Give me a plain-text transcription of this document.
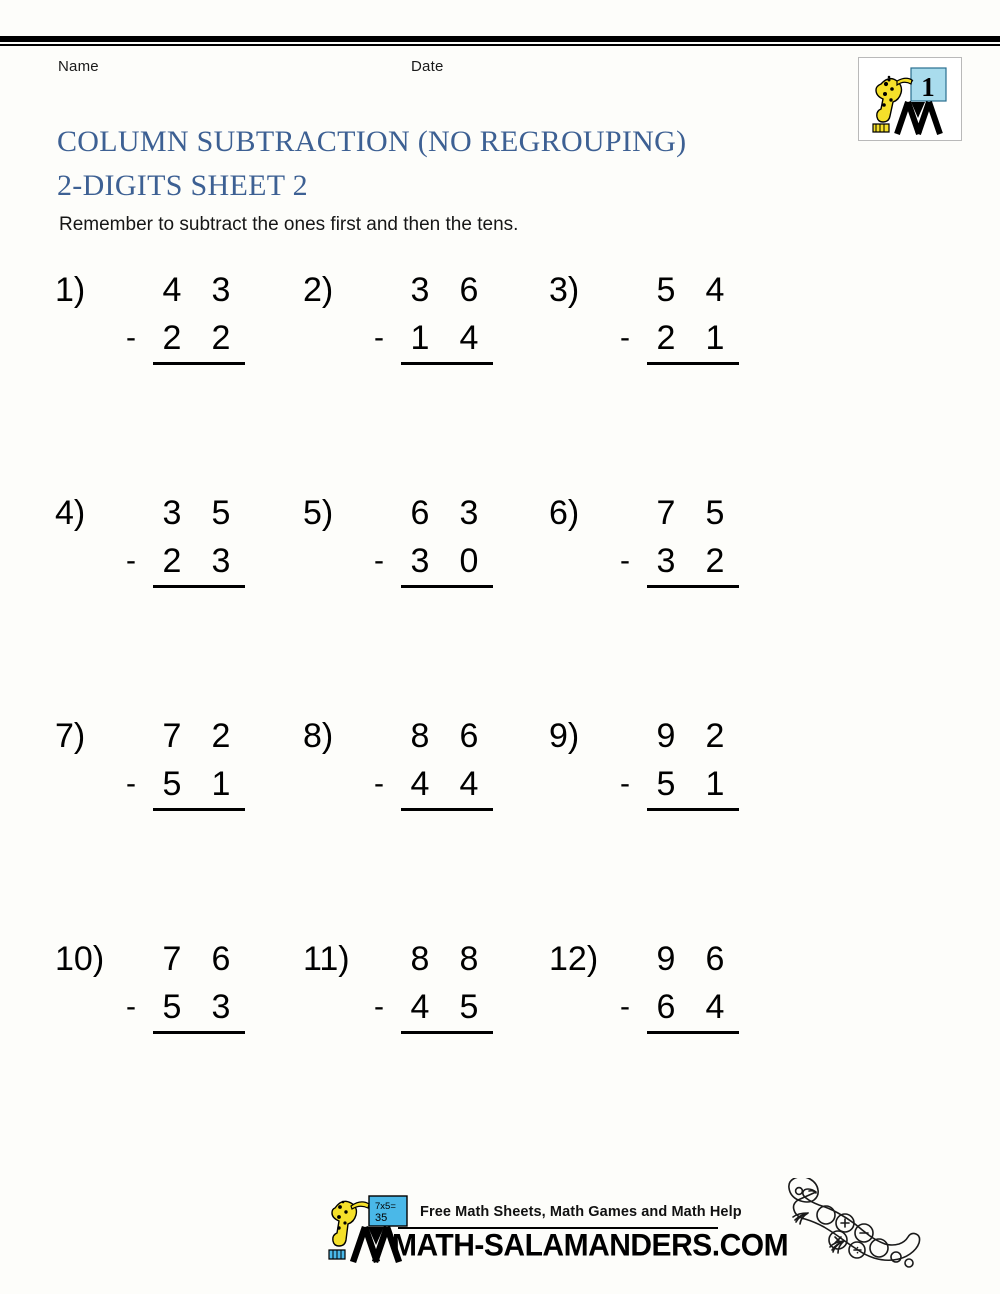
Name	Date
1
COLUMN SUBTRACTION (NO REGROUPING)
2-DIGITS SHEET 2
Remember to subtract the ones first and then the tens.
1) 4 3
- 2 2
2) 3 6
- 1 4
3) 5 4
- 2 1
4) 3 5
- 2 3
5) 6 3
- 3 0
6) 7 5
- 3 2
7) 7 2
- 5 1
8) 8 6
- 4 4
9) 9 2
- 5 1
10) 7 6
- 5 3
11) 8 8
- 4 5
12) 9 6
- 6 4
7x5=
35 Free Math Sheets, Math Games and Math Help
MATH-SALAMANDERS.COM
